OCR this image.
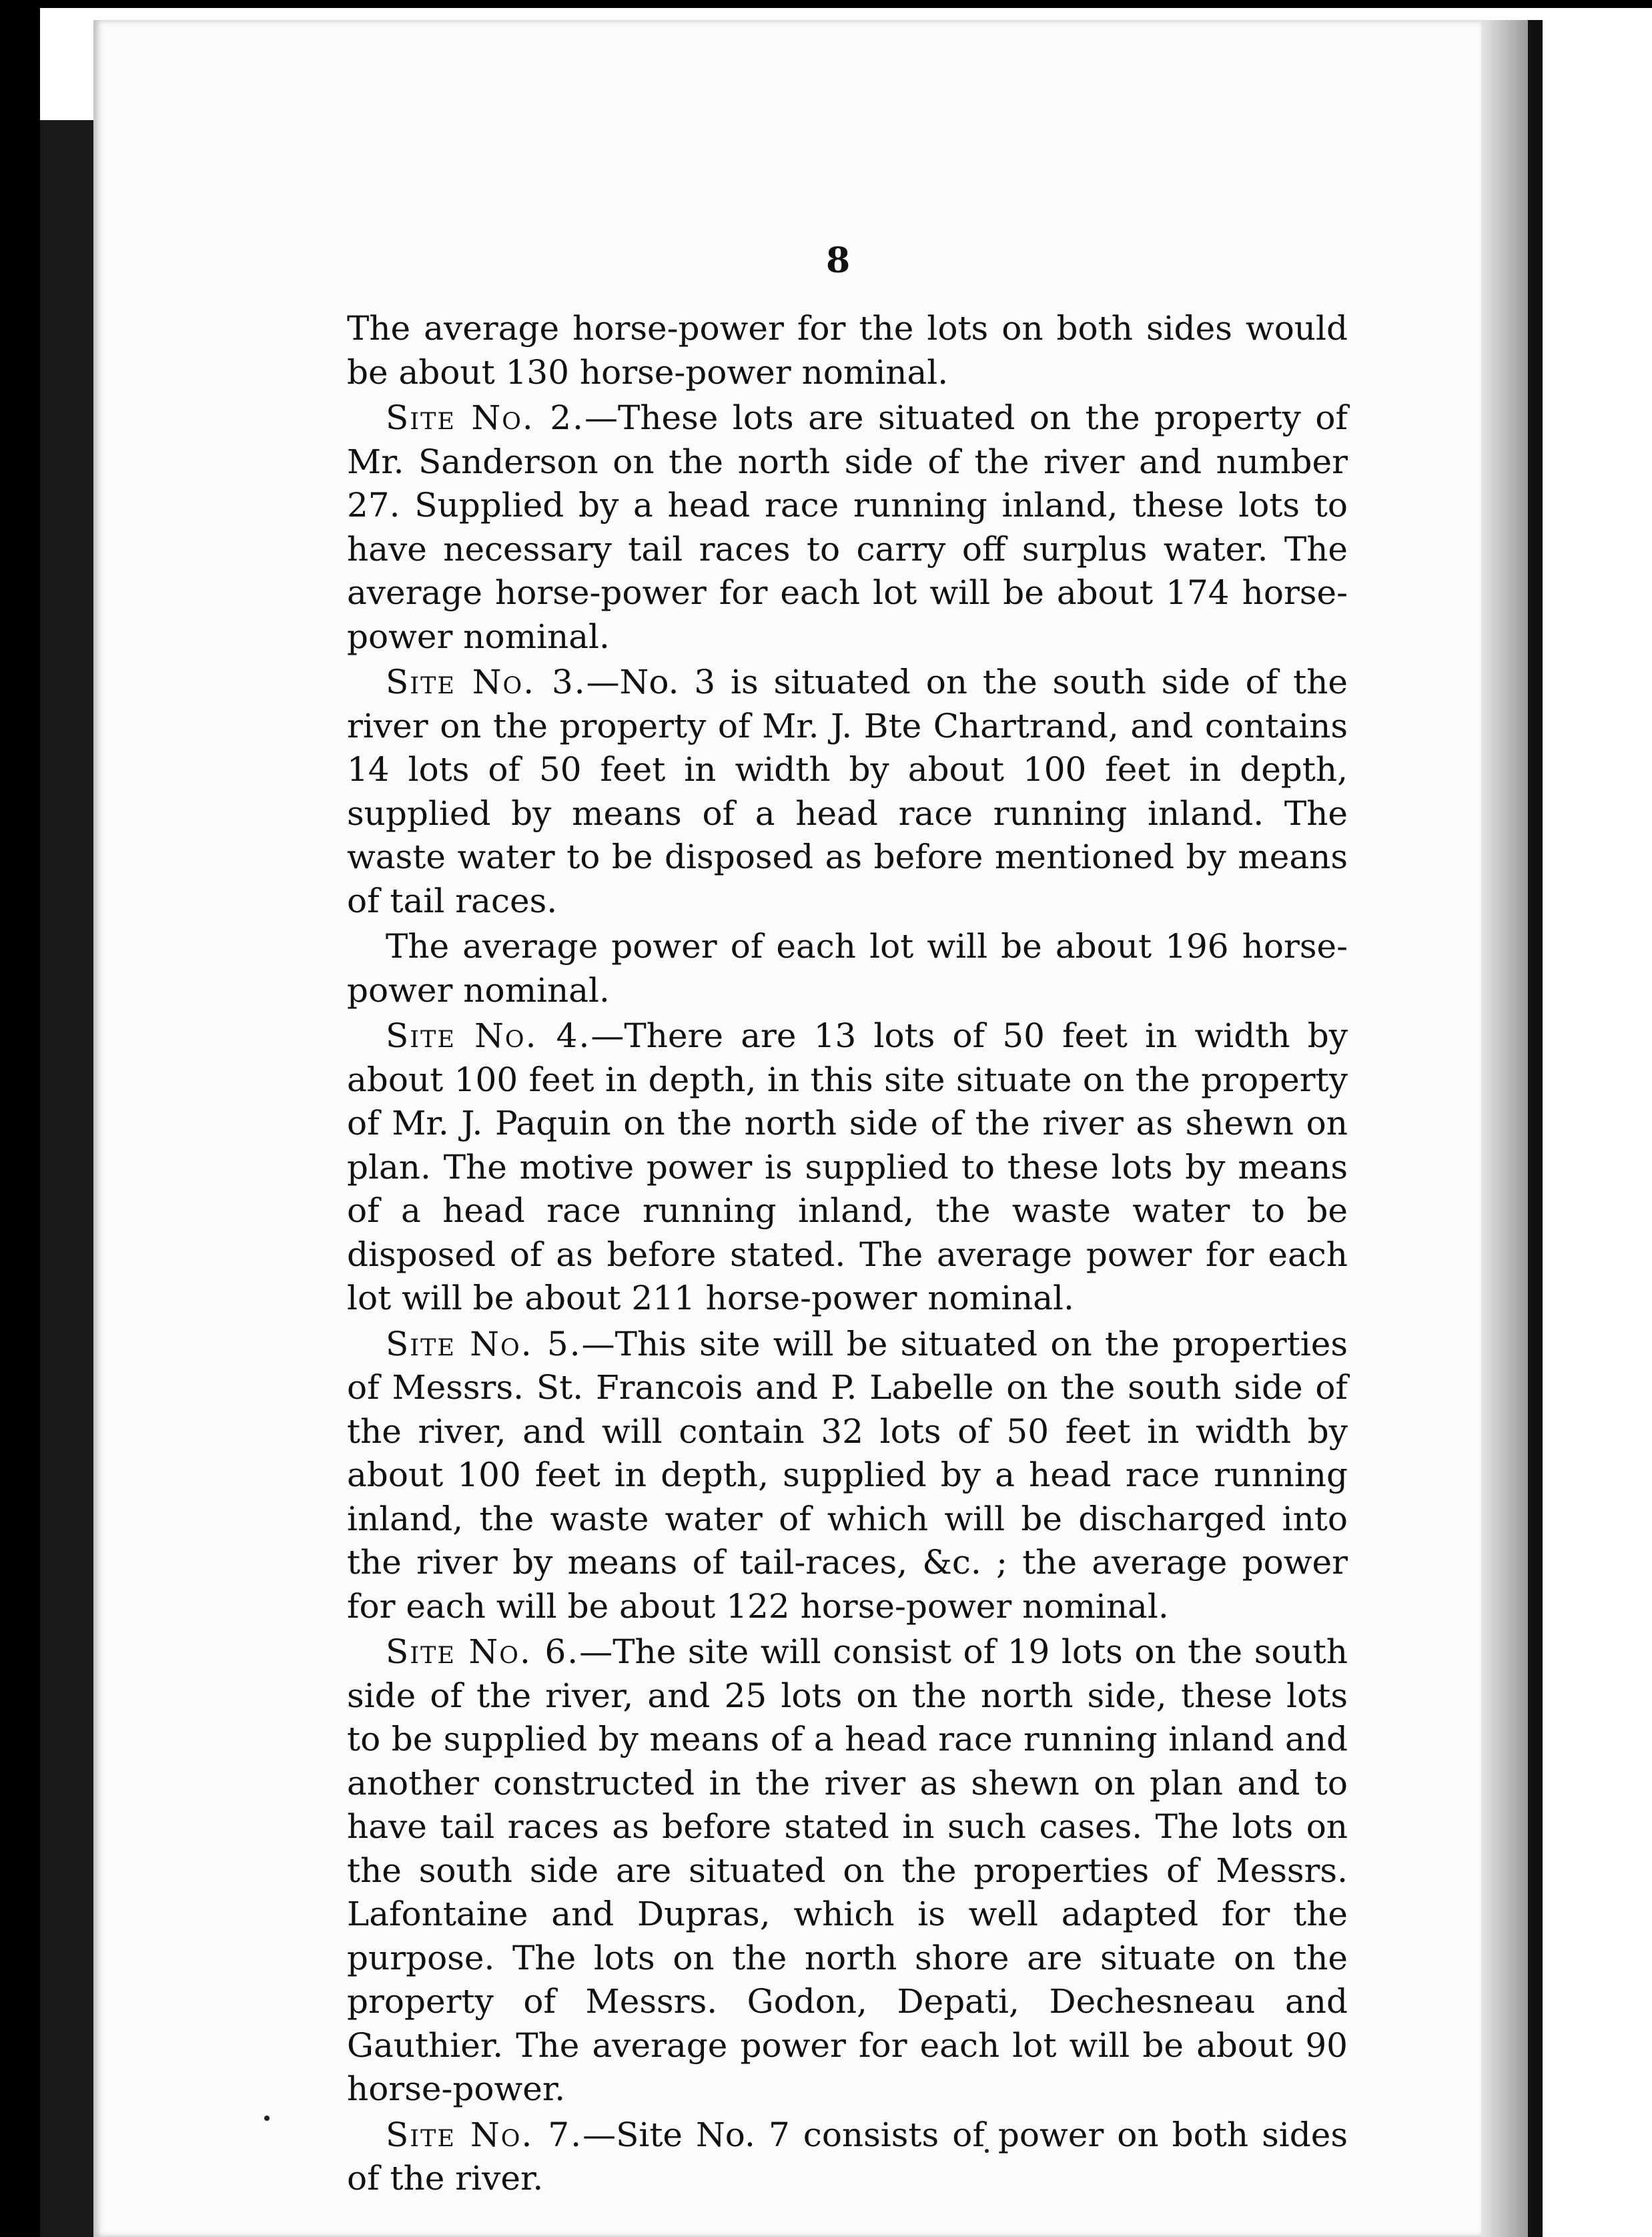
8

The average horse-power for the lots on both sides would be about 130 horse-power nominal.

Site No. 2.—These lots are situated on the property of Mr. Sanderson on the north side of the river and number 27. Supplied by a head race running inland, these lots to have necessary tail races to carry off surplus water. The average horse-power for each lot will be about 174 horse-power nominal.

Site No. 3.—No. 3 is situated on the south side of the river on the property of Mr. J. Bte Chartrand, and contains 14 lots of 50 feet in width by about 100 feet in depth, supplied by means of a head race running inland. The waste water to be disposed as before mentioned by means of tail races.

The average power of each lot will be about 196 horse-power nominal.

Site No. 4.—There are 13 lots of 50 feet in width by about 100 feet in depth, in this site situate on the property of Mr. J. Paquin on the north side of the river as shewn on plan. The motive power is supplied to these lots by means of a head race running inland, the waste water to be disposed of as before stated. The average power for each lot will be about 211 horse-power nominal.

Site No. 5.—This site will be situated on the properties of Messrs. St. Francois and P. Labelle on the south side of the river, and will contain 32 lots of 50 feet in width by about 100 feet in depth, supplied by a head race running inland, the waste water of which will be discharged into the river by means of tail-races, &c. ; the average power for each will be about 122 horse-power nominal.

Site No. 6.—The site will consist of 19 lots on the south side of the river, and 25 lots on the north side, these lots to be supplied by means of a head race running inland and another constructed in the river as shewn on plan and to have tail races as before stated in such cases. The lots on the south side are situated on the properties of Messrs. Lafontaine and Dupras, which is well adapted for the purpose. The lots on the north shore are situate on the property of Messrs. Godon, Depati, Dechesneau and Gauthier. The average power for each lot will be about 90 horse-power.

Site No. 7.—Site No. 7 consists of power on both sides of the river.
